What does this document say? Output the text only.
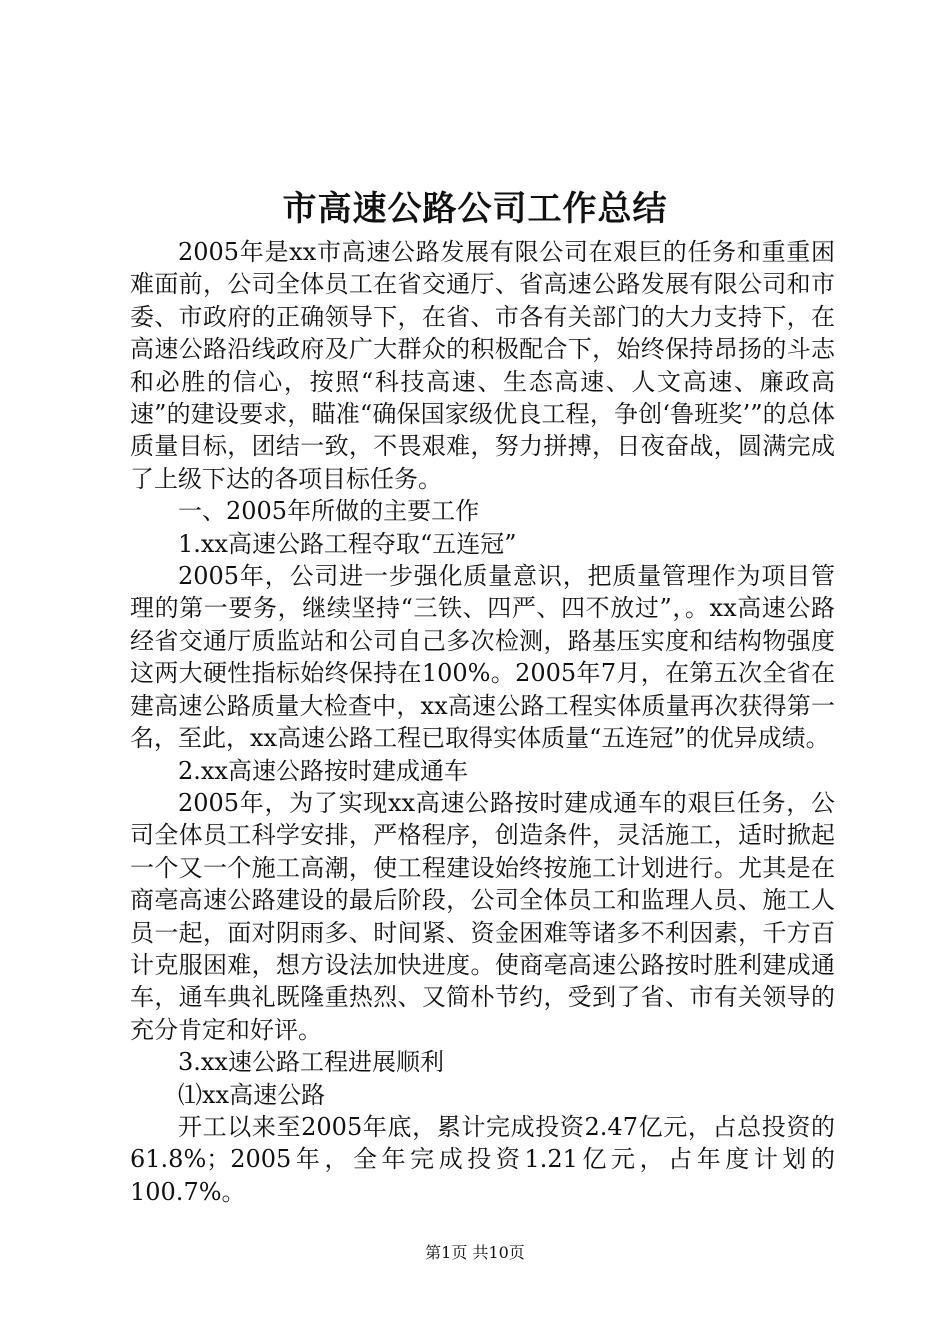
市高速公路公司工作总结

2005年是xx市高速公路发展有限公司在艰巨的任务和重重困难面前，公司全体员工在省交通厅、省高速公路发展有限公司和市委、市政府的正确领导下，在省、市各有关部门的大力支持下，在高速公路沿线政府及广大群众的积极配合下，始终保持昂扬的斗志和必胜的信心，按照“科技高速、生态高速、人文高速、廉政高速”的建设要求，瞄准“确保国家级优良工程，争创‘鲁班奖’”的总体质量目标，团结一致，不畏艰难，努力拼搏，日夜奋战，圆满完成了上级下达的各项目标任务。

一、2005年所做的主要工作

1.xx高速公路工程夺取“五连冠”

2005年，公司进一步强化质量意识，把质量管理作为项目管理的第一要务，继续坚持“三铁、四严、四不放过”，。xx高速公路经省交通厅质监站和公司自己多次检测，路基压实度和结构物强度这两大硬性指标始终保持在100%。2005年7月，在第五次全省在建高速公路质量大检查中，xx高速公路工程实体质量再次获得第一名，至此，xx高速公路工程已取得实体质量“五连冠”的优异成绩。

2.xx高速公路按时建成通车

2005年，为了实现xx高速公路按时建成通车的艰巨任务，公司全体员工科学安排，严格程序，创造条件，灵活施工，适时掀起一个又一个施工高潮，使工程建设始终按施工计划进行。尤其是在商亳高速公路建设的最后阶段，公司全体员工和监理人员、施工人员一起，面对阴雨多、时间紧、资金困难等诸多不利因素，千方百计克服困难，想方设法加快进度。使商亳高速公路按时胜利建成通车，通车典礼既隆重热烈、又简朴节约，受到了省、市有关领导的充分肯定和好评。

3.xx速公路工程进展顺利

⑴xx高速公路

开工以来至2005年底，累计完成投资2.47亿元，占总投资的61.8%；2005年，全年完成投资1.21亿元，占年度计划的100.7%。

第1页 共10页
